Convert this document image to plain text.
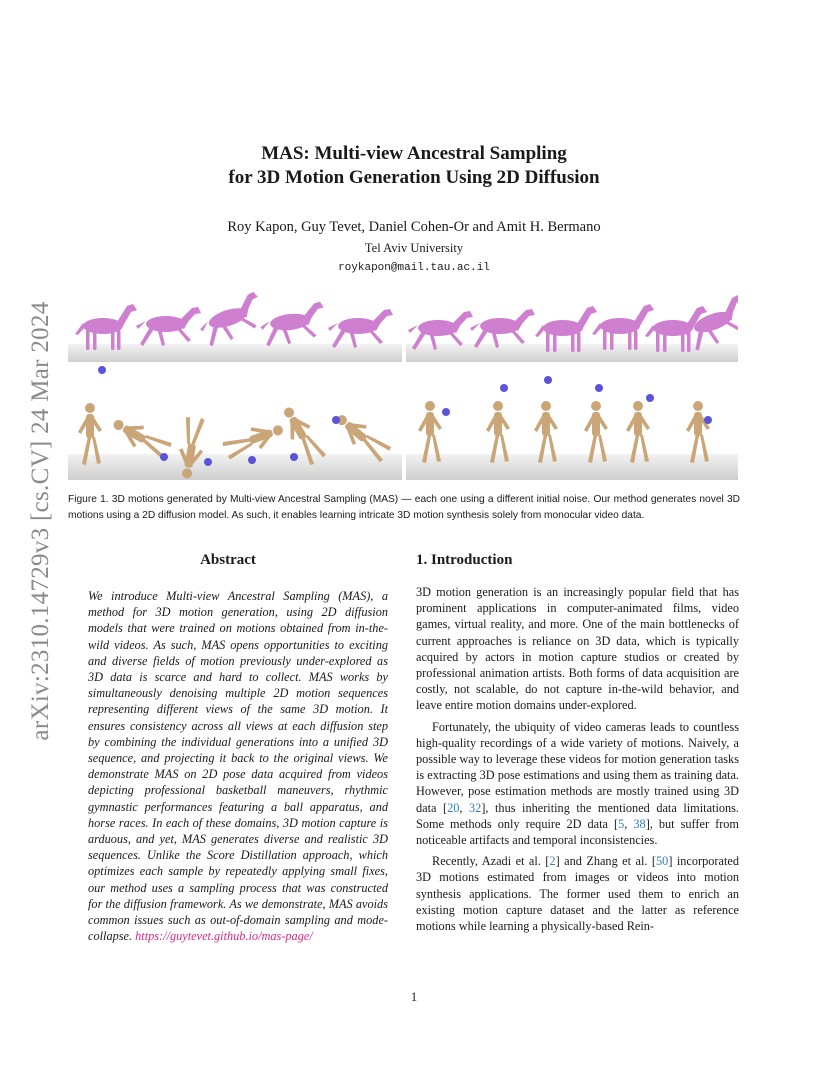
arXiv:2310.14729v3 [cs.CV] 24 Mar 2024
MAS: Multi-view Ancestral Sampling
for 3D Motion Generation Using 2D Diffusion
Roy Kapon, Guy Tevet, Daniel Cohen-Or and Amit H. Bermano
Tel Aviv University
roykapon@mail.tau.ac.il
Figure 1. 3D motions generated by Multi-view Ancestral Sampling (MAS) — each one using a different initial noise. Our method generates novel 3D motions using a 2D diffusion model. As such, it enables learning intricate 3D motion synthesis solely from monocular video data.
Abstract
We introduce Multi-view Ancestral Sampling (MAS), a method for 3D motion generation, using 2D diffusion models that were trained on motions obtained from in-the-wild videos. As such, MAS opens opportunities to exciting and diverse fields of motion previously under-explored as 3D data is scarce and hard to collect. MAS works by simultaneously denoising multiple 2D motion sequences representing different views of the same 3D motion. It ensures consistency across all views at each diffusion step by combining the individual generations into a unified 3D sequence, and projecting it back to the original views. We demonstrate MAS on 2D pose data acquired from videos depicting professional basketball maneuvers, rhythmic gymnastic performances featuring a ball apparatus, and horse races. In each of these domains, 3D motion capture is arduous, and yet, MAS generates diverse and realistic 3D sequences. Unlike the Score Distillation approach, which optimizes each sample by repeatedly applying small fixes, our method uses a sampling process that was constructed for the diffusion framework. As we demonstrate, MAS avoids common issues such as out-of-domain sampling and mode-collapse. https://guytevet.github.io/mas-page/
1. Introduction

3D motion generation is an increasingly popular field that has prominent applications in computer-animated films, video games, virtual reality, and more. One of the main bottlenecks of current approaches is reliance on 3D data, which is typically acquired by actors in motion capture studios or created by professional animation artists. Both forms of data acquisition are costly, not scalable, do not capture in-the-wild behavior, and leave entire motion domains under-explored.

Fortunately, the ubiquity of video cameras leads to countless high-quality recordings of a wide variety of motions. Naively, a possible way to leverage these videos for motion generation tasks is extracting 3D pose estimations and using them as training data. However, pose estimation methods are mostly trained using 3D data [20, 32], thus inheriting the mentioned data limitations. Some methods only require 2D data [5, 38], but suffer from noticeable artifacts and temporal inconsistencies.

Recently, Azadi et al. [2] and Zhang et al. [50] incorporated 3D motions estimated from images or videos into motion synthesis applications. The former used them to enrich an existing motion capture dataset and the latter as reference motions while learning a physically-based Rein-

1
